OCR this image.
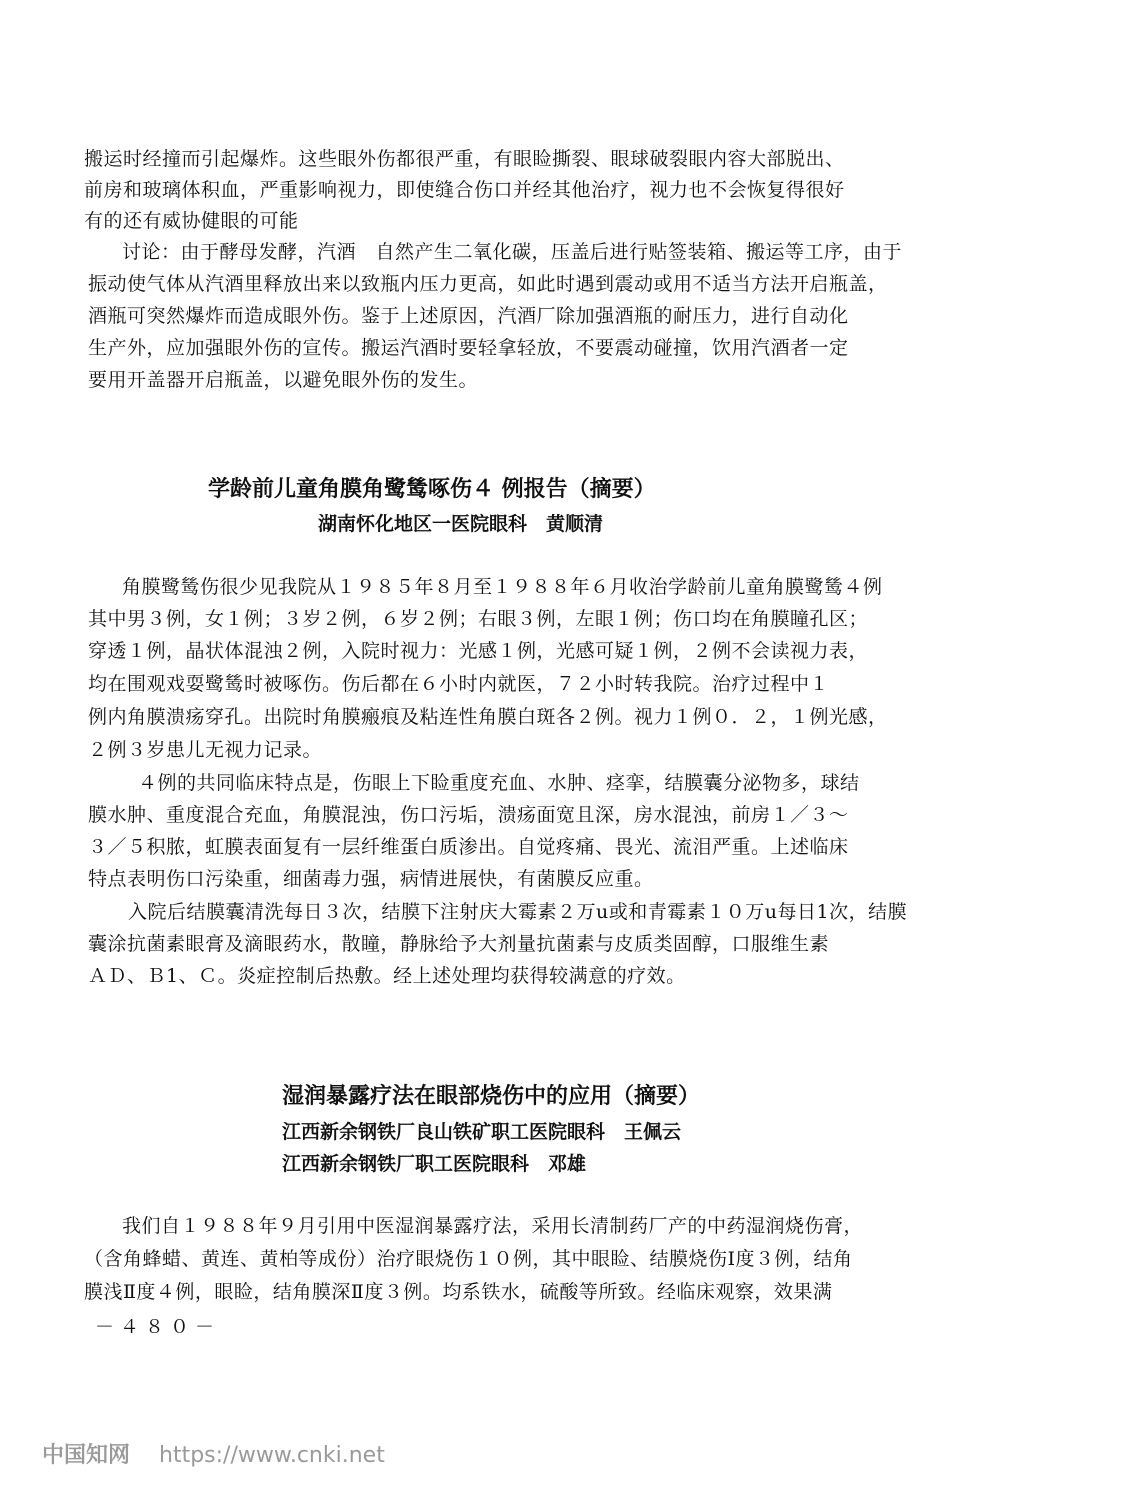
搬运时经撞而引起爆炸。这些眼外伤都很严重，有眼睑撕裂、眼球破裂眼内容大部脱出、
前房和玻璃体积血，严重影响视力，即使缝合伤口并经其他治疗，视力也不会恢复得很好
有的还有威协健眼的可能
讨论：由于酵母发酵，汽酒　自然产生二氧化碳，压盖后进行贴签装箱、搬运等工序，由于
振动使气体从汽酒里释放出来以致瓶内压力更高，如此时遇到震动或用不适当方法开启瓶盖，
酒瓶可突然爆炸而造成眼外伤。鉴于上述原因，汽酒厂除加强酒瓶的耐压力，进行自动化
生产外，应加强眼外伤的宣传。搬运汽酒时要轻拿轻放，不要震动碰撞，饮用汽酒者一定
要用开盖器开启瓶盖，以避免眼外伤的发生。
学龄前儿童角膜角鹭鸶啄伤４ 例报告（摘要）
湖南怀化地区一医院眼科　黄顺清
角膜鹭鸶伤很少见我院从１９８５年８月至１９８８年６月收治学龄前儿童角膜鹭鸶４例
其中男３例，女１例；３岁２例，６岁２例；右眼３例，左眼１例；伤口均在角膜瞳孔区；
穿透１例，晶状体混浊２例，入院时视力：光感１例，光感可疑１例，２例不会读视力表，
均在围观戏耍鹭鸶时被啄伤。伤后都在６小时内就医，７２小时转我院。治疗过程中１
例内角膜溃疡穿孔。出院时角膜瘢痕及粘连性角膜白斑各２例。视力１例０．２，１例光感，
２例３岁患儿无视力记录。
４例的共同临床特点是，伤眼上下睑重度充血、水肿、痉挛，结膜囊分泌物多，球结
膜水肿、重度混合充血，角膜混浊，伤口污垢，溃疡面宽且深，房水混浊，前房１／３～
３／５积脓，虹膜表面复有一层纤维蛋白质渗出。自觉疼痛、畏光、流泪严重。上述临床
特点表明伤口污染重，细菌毒力强，病情进展快，有菌膜反应重。
入院后结膜囊清洗每日３次，结膜下注射庆大霉素２万u或和青霉素１０万u每日1次，结膜
囊涂抗菌素眼膏及滴眼药水，散瞳，静脉给予大剂量抗菌素与皮质类固醇，口服维生素
ＡＤ、Ｂ1、Ｃ。炎症控制后热敷。经上述处理均获得较满意的疗效。
湿润暴露疗法在眼部烧伤中的应用（摘要）
江西新余钢铁厂良山铁矿职工医院眼科　王佩云
江西新余钢铁厂职工医院眼科　邓雄
我们自１９８８年９月引用中医湿润暴露疗法，采用长清制药厂产的中药湿润烧伤膏，
（含角蜂蜡、黄连、黄柏等成份）治疗眼烧伤１０例，其中眼睑、结膜烧伤Ⅰ度３例，结角
膜浅Ⅱ度４例，眼睑，结角膜深Ⅱ度３例。均系铁水，硫酸等所致。经临床观察，效果满
－４８０－
中国知网 https://www.cnki.net
